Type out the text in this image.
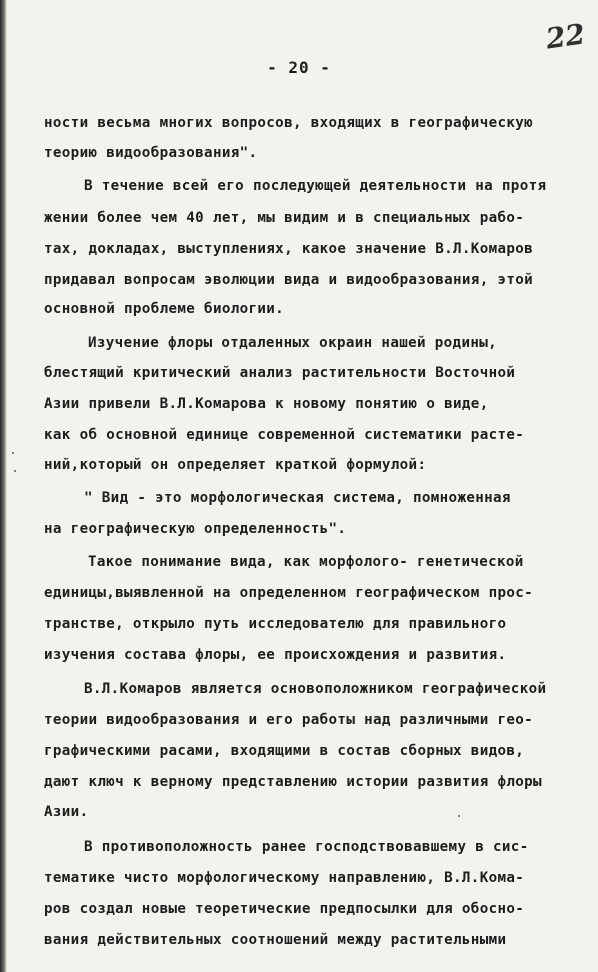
- 20 -
22
ности весьма многих вопросов, входящих в географическую
теорию видообразования".
В течение всей его последующей деятельности на протя
жении более чем 40 лет, мы видим и в специальных рабо-
тах, докладах, выступлениях, какое значение В.Л.Комаров
придавал вопросам эволюции вида и видообразования, этой
основной проблеме биологии.
Изучение флоры отдаленных окраин нашей родины,
блестящий критический анализ растительности Восточной
Азии привели В.Л.Комарова к новому понятию о виде,
как об основной единице современной систематики расте-
ний,который он определяет краткой формулой:
" Вид - это морфологическая система, помноженная
на географическую определенность".
Такое понимание вида, как морфолого- генетической
единицы,выявленной на определенном географическом прос-
транстве, открыло путь исследователю для правильного
изучения состава флоры, ее происхождения и развития.
В.Л.Комаров является основоположником географической
теории видообразования и его работы над различными гео-
графическими расами, входящими в состав сборных видов,
дают ключ к верному представлению истории развития флоры
Азии.
В противоположность ранее господствовавшему в сис-
тематике чисто морфологическому направлению, В.Л.Кома-
ров создал новые теоретические предпосылки для обосно-
вания действительных соотношений между растительными
